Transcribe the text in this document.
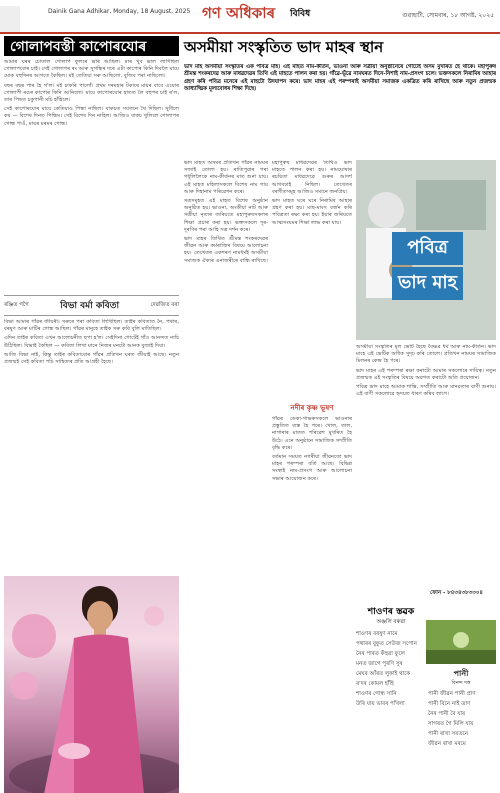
Dainik Gana Adhikar, Monday, 18 August, 2025 গণ অধিকাৰ বিবিধ	গুৱাহাটী, সোমবাৰ, ১৮ আগষ্ট, ২০২৫
গোলাপবস্তী কাপোৰযোৰ

আমাৰ ঘৰৰ চোতাল গোলাপ ফুলৰে ভৰি আছিল। মাৰ খুব ভাল লাগিছিল গোলাপবোৰ চাই। সেই গোলাপৰ ৰং আৰু সুগন্ধিৰ দৰে এটা কাপোৰ কিনি দিবলৈ মায়ে মোক বহুদিনৰ আগতে কৈছিল। মই তেতিয়া সৰু আছিলো, বুজিব পৰা নাছিলো।

বছৰ বছৰ পাৰ হৈ গ'ল। মই চাকৰি পালোঁ। প্ৰথম দৰমহাৰ টকাৰে মায়ৰ বাবে এযোৰ গোলাপী ৰঙৰ কাপোৰ কিনি আনিলো। মায়ে কাপোৰযোৰ হাতত লৈ বহুপৰ চাই ৰ'ল, তাৰ পিছত চকুপানী মচি হাঁহিলে।

সেই কাপোৰযোৰ মায়ে কেতিয়াও পিন্ধা নাছিল। বাকচত সযতনে থৈ দিছিল। সুধিলে কয় — বিশেষ দিনত পিন্ধিম। সেই বিশেষ দিন নাহিল। আজিও বাকচ খুলিলে গোলাপৰ গোন্ধ পাওঁ, মায়ৰ মৰমৰ গোন্ধ।

ৰঞ্জিত গগৈ	বিভা বৰ্মা কবিতা	দেৱজিত বৰা

বিভা আমাৰ গাঁৱৰ জীয়ৰী। সৰুৰে পৰা কবিতা লিখিছিল। তাইৰ কবিতাত নৈ, পথাৰ, বৰষুণ আৰু মাটিৰ গোন্ধ আছিল। গাঁৱৰ মানুহে তাইক সৰু কবি বুলি মাতিছিল।

এদিন তাইৰ কবিতা এখন আলোচনীত ছপা হ'ল। সেইদিনা গোটেই গাঁও আনন্দত নাচি উঠিছিল। বিভাই কৈছিল — কবিতা লিখা মানে নিজৰ মনটো আনক বুজাই দিয়া।

আজি বিভা নাই, কিন্তু তাইৰ কবিতাবোৰ গাঁৱৰ প্ৰতিখন ঘৰত জীয়াই আছে। নতুন প্ৰজন্মই সেই কবিতা পঢ়ি সাহিত্যৰ প্ৰতি আগ্ৰহী হৈছে।

অসমীয়া সংস্কৃতিত ভাদ মাহৰ স্থান
ভাদ মাহ অসমীয়া সংস্কৃতিৰ এক পবিত্ৰ মাহ। এই মাহত নাম-কীৰ্তন, ভাওনা আৰু সত্ৰীয়া অনুষ্ঠানেৰে গোটেই অসম মুখৰিত হৈ থাকে। মহাপুৰুষ শ্ৰীমন্ত শংকৰদেৱ আৰু মাধৱদেৱৰ তিথি এই মাহতে পালন কৰা হয়। গাঁৱে-ভূঁৱে নামঘৰত দিনে-নিশাই নাম-প্ৰসংগ চলে। ভক্তসকলে নিৰামিষ আহাৰ গ্ৰহণ কৰি পবিত্ৰ মনেৰে এই মাহটো উদযাপন কৰে। ভাদ মাহৰ এই পৰম্পৰাই অসমীয়া সমাজক একত্ৰিত কৰি ৰাখিছে আৰু নতুন প্ৰজন্মক আধ্যাত্মিক মূল্যবোধৰ শিক্ষা দিছে।

ভাদ মাহত অসমৰ প্ৰতিখন গাঁৱৰ নামঘৰ সজাই তোলা হয়। ৰাতিপুৱাৰ পৰা গধূলিলৈকে নাম-কীৰ্তনৰ মাত শুনা যায়। এই মাহত মহিলাসকলে বিশেষ নাম গায় আৰু দিহানাম পৰিৱেশন কৰে।

সত্ৰসমূহত এই মাহত বিশেষ অনুষ্ঠান অনুষ্ঠিত হয়। ভাওনা, অংকীয়া নাট আৰু সত্ৰীয়া নৃত্যৰ জৰিয়তে মহাপুৰুষসকলৰ শিক্ষা প্ৰচাৰ কৰা হয়। ভক্তসকলে দূৰ-দূৰণিৰ পৰা আহি সত্ৰ দৰ্শন কৰে।

ভাদ মাহৰ তিথিত শ্ৰীমন্ত শংকৰদেৱৰ জীৱন আৰু কৰ্মৰাজিৰ বিষয়ে আলোচনা হয়। তেখেতৰ একশৰণ নামধৰ্মই অসমীয়া সমাজক ঐক্যৰ এনাজৰীৰে বান্ধি ৰাখিছে।

মহাপুৰুষ মাধৱদেৱৰ তিথিও ভাদ মাহতে পালন কৰা হয়। নামঘোষাৰ ৰচয়িতা মাধৱদেৱে গুৰুৰ আদৰ্শ আগবঢ়াই নিছিল। তেখেতৰ বৰগীতসমূহ আজিও সমানে জনপ্ৰিয়।

ভাদ মাহত ঘৰে ঘৰে নিৰামিষ আহাৰ গ্ৰহণ কৰা হয়। মাছ-মাংস বৰ্জন কৰি পবিত্ৰতা ৰক্ষা কৰা হয়। ইয়াৰ জৰিয়তে আত্মসংযমৰ শিক্ষা লাভ কৰা যায়।

নদীৰ কৃষ্ণ ভূষণ

গাঁৱৰ ডেকা-গাভৰুসকলে ভাওনাৰ প্ৰস্তুতিত ব্যস্ত হৈ পৰে। খোল, তাল, নাগাৰাৰ মাতত পৰিৱেশ মুখৰিত হৈ উঠে। এনে অনুষ্ঠানে সামাজিক সম্প্ৰীতি বৃদ্ধি কৰে।

বৰ্তমান সময়ত নগৰীয়া জীৱনতো ভাদ মাহৰ পৰম্পৰা বৰ্তি আছে। বিভিন্ন সংস্থাই নাম-প্ৰসংগ আৰু আলোচনা সভাৰ আয়োজন কৰে।

পবিত্ৰ
ভাদ মাহ

অসমীয়া সংস্কৃতিৰ মূল ভেটি হৈছে বৈষ্ণৱ ধৰ্ম আৰু নাম-কীৰ্তন। ভাদ মাহে এই ভেটিক অধিক সুদৃঢ় কৰি তোলে। প্ৰতিখন নামঘৰ সামাজিক মিলনৰ কেন্দ্ৰ হৈ পৰে।

ভাদ মাহৰ এই পৰম্পৰা ৰক্ষা কৰাটো আমাৰ সকলোৰে দায়িত্ব। নতুন প্ৰজন্মক এই সংস্কৃতিৰ বিষয়ে অৱগত কৰাটো অতি প্ৰয়োজন।

পবিত্ৰ ভাদ মাহে আমাক শান্তি, সম্প্ৰীতি আৰু মানৱতাৰ বাণী শুনায়। এই বাণী সকলোৱে হৃদয়ত ধাৰণ কৰিব লাগে।

ফোন - ৮৪৩৪৩৮৩৩০৪
শাওণৰ স্তৱক
অঞ্জলি বৰুৱা

শাওণৰ বৰষুণ নামে

পথাৰৰ বুকুত সেউজ সপোন

নৈৰ পাৰত কঁহুৱা ফুলে

মনত জাগে পুৰণি সুৰ

মেঘৰ আঁৰত লুকাই থাকে

ৰ'দৰ কোমল হাঁহি

শাওণৰ গোন্ধ সানি

উৰি যায় ভাবৰ পখিলা

পানী
বিনন্দ দত্ত

পানী জীৱন পানী প্ৰাণ

পানী বিনে নাই ত্ৰাণ

নৈৰ পানী বৈ যায়

সাগৰত গৈ মিলি যায়

পানী ৰাখা সযতনে

জীৱন ৰাখা মৰমে
